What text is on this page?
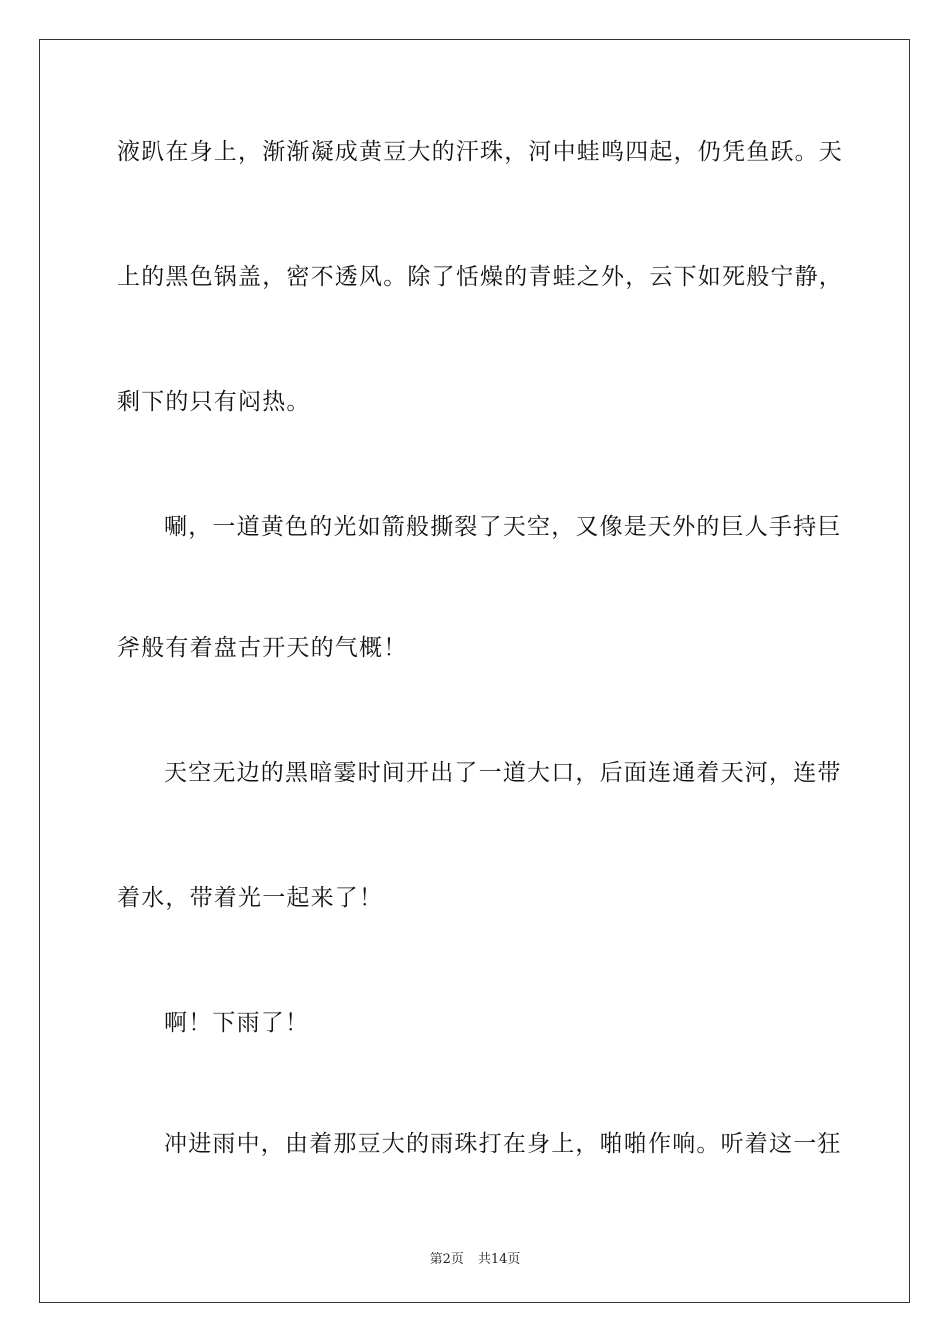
液趴在身上，渐渐凝成黄豆大的汗珠，河中蛙鸣四起，仍凭鱼跃。天
上的黑色锅盖，密不透风。除了恬燥的青蛙之外，云下如死般宁静，
剩下的只有闷热。
唰，一道黄色的光如箭般撕裂了天空，又像是天外的巨人手持巨
斧般有着盘古开天的气概！
天空无边的黑暗霎时间开出了一道大口，后面连通着天河，连带
着水，带着光一起来了！
啊！下雨了！
冲进雨中，由着那豆大的雨珠打在身上，啪啪作响。听着这一狂
第2页 共14页
